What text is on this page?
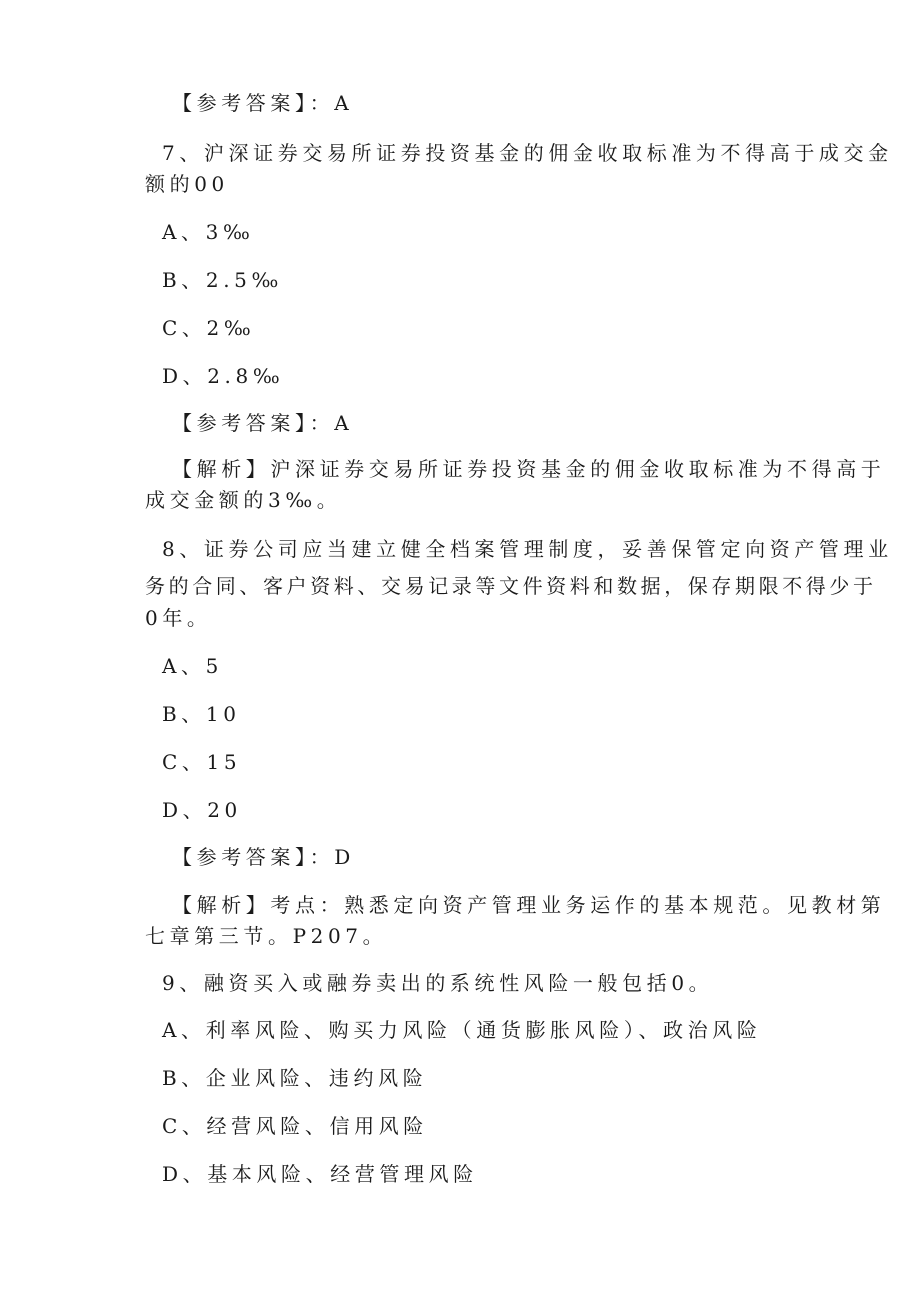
【参考答案】：A
7、沪深证券交易所证券投资基金的佣金收取标准为不得高于成交金
额的00
A、3‰
B、2.5‰
C、2‰
D、2.8‰
【参考答案】：A
【解析】沪深证券交易所证券投资基金的佣金收取标准为不得高于
成交金额的3‰。
8、证券公司应当建立健全档案管理制度，妥善保管定向资产管理业
务的合同、客户资料、交易记录等文件资料和数据，保存期限不得少于
0年。
A、5
B、10
C、15
D、20
【参考答案】：D
【解析】考点：熟悉定向资产管理业务运作的基本规范。见教材第
七章第三节。P207。
9、融资买入或融券卖出的系统性风险一般包括0。
A、利率风险、购买力风险（通货膨胀风险）、政治风险
B、企业风险、违约风险
C、经营风险、信用风险
D、基本风险、经营管理风险
